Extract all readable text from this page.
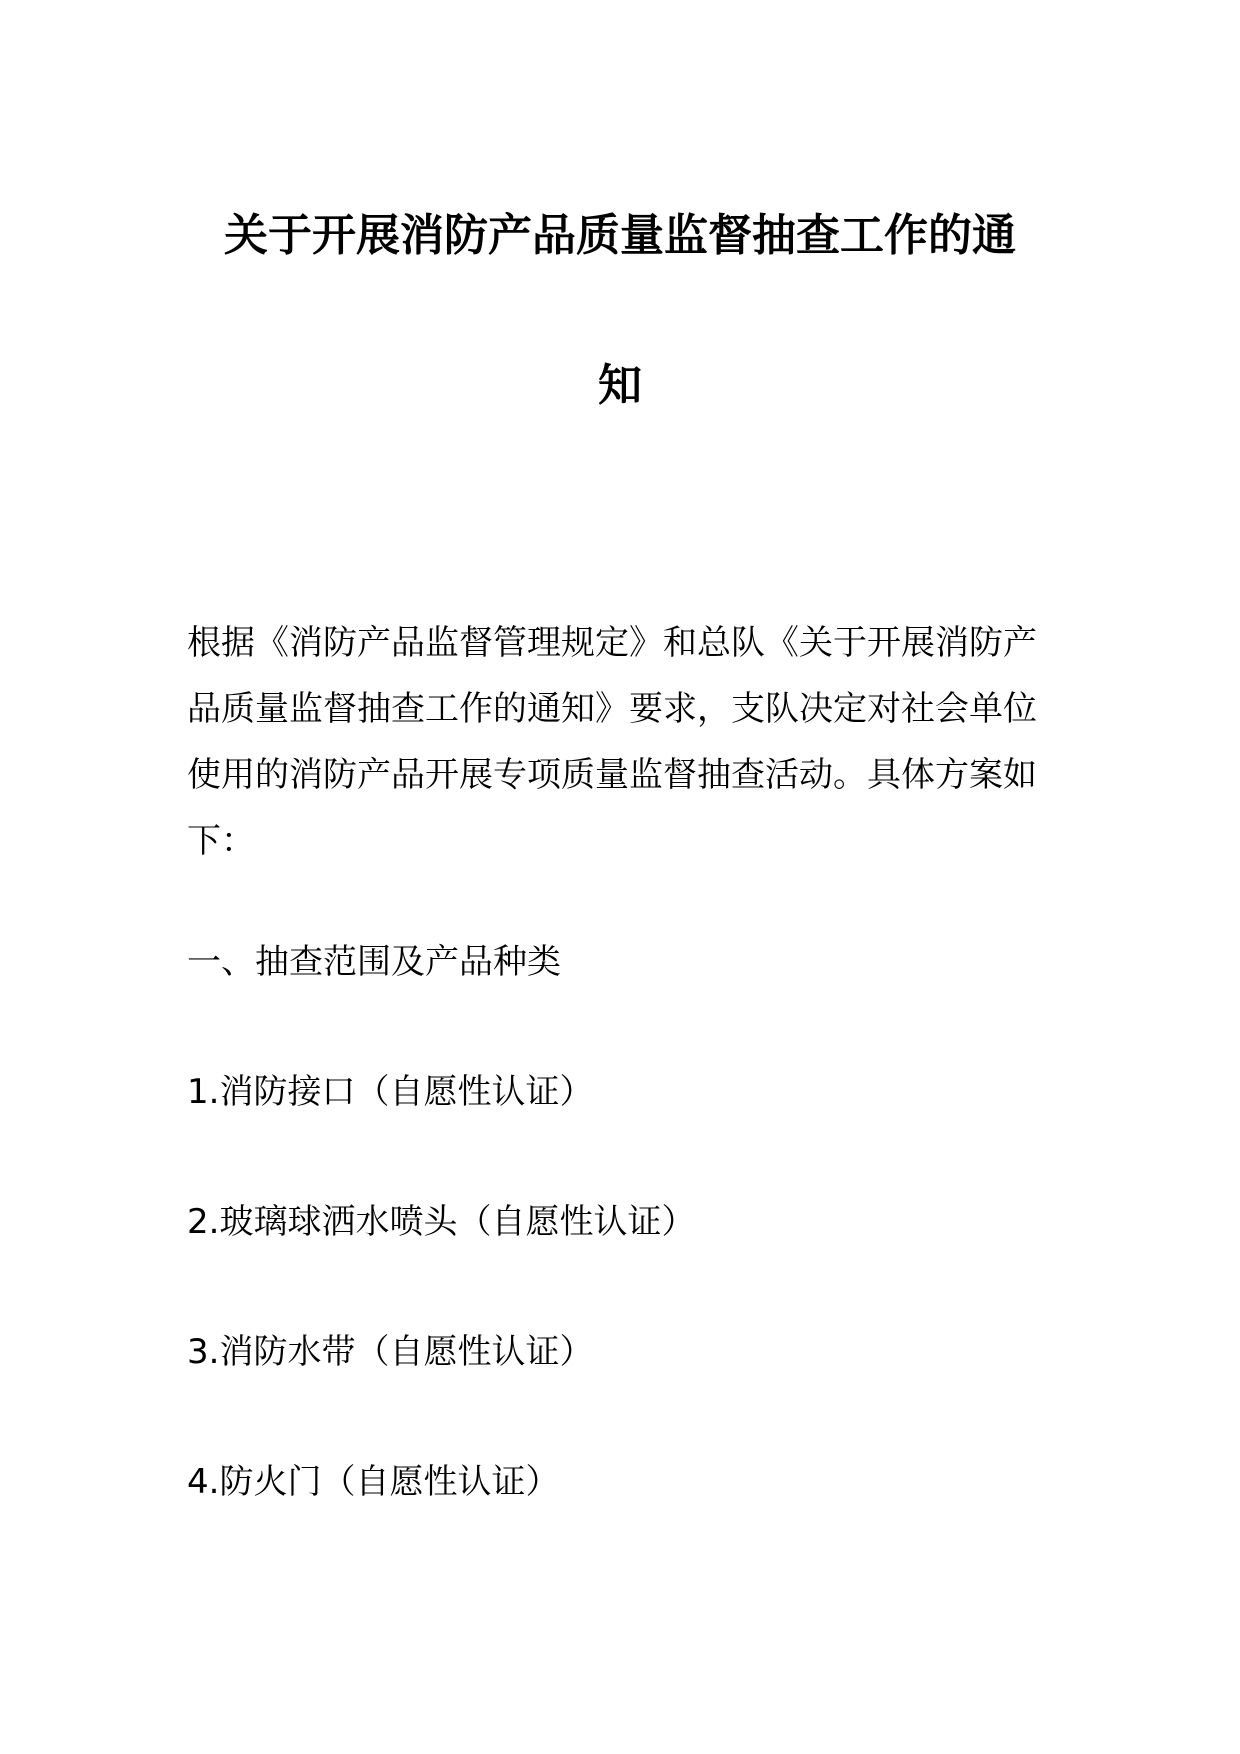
关于开展消防产品质量监督抽查工作的通
知
根据《消防产品监督管理规定》和总队《关于开展消防产
品质量监督抽查工作的通知》要求，支队决定对社会单位
使用的消防产品开展专项质量监督抽查活动。具体方案如
下：
一、抽查范围及产品种类
1.消防接口（自愿性认证）
2.玻璃球洒水喷头（自愿性认证）
3.消防水带（自愿性认证）
4.防火门（自愿性认证）
